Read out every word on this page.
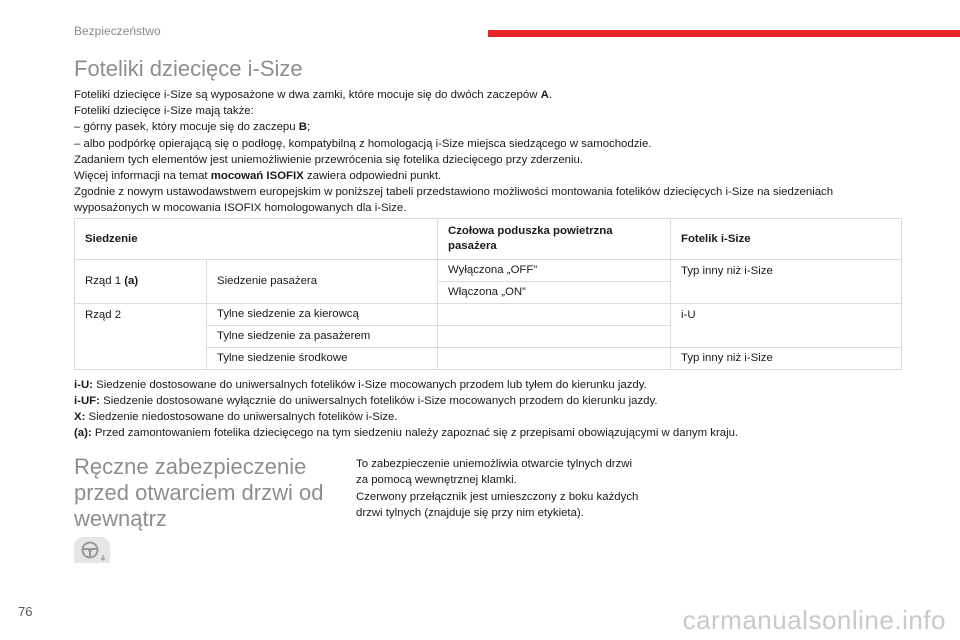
Bezpieczeństwo
Foteliki dziecięce i-Size

Foteliki dziecięce i-Size są wyposażone w dwa zamki, które mocuje się do dwóch zaczepów A.

Foteliki dziecięce i-Size mają także:

– górny pasek, który mocuje się do zaczepu B;

– albo podpórkę opierającą się o podłogę, kompatybilną z homologacją i-Size miejsca siedzącego w samochodzie.

Zadaniem tych elementów jest uniemożliwienie przewrócenia się fotelika dziecięcego przy zderzeniu.

Więcej informacji na temat mocowań ISOFIX zawiera odpowiedni punkt.

Zgodnie z nowym ustawodawstwem europejskim w poniższej tabeli przedstawiono możliwości montowania fotelików dziecięcych i-Size na siedzeniach wyposażonych w mocowania ISOFIX homologowanych dla i-Size.

Siedzenie		Czołowa poduszka powietrzna pasażera	Fotelik i-Size
Rząd 1 (a)	Siedzenie pasażera	Wyłączona „OFF”	Typ inny niż i-Size
		Włączona „ON”	
Rząd 2	Tylne siedzenie za kierowcą		i-U
	Tylne siedzenie za pasażerem		
	Tylne siedzenie środkowe		Typ inny niż i-Size

i-U: Siedzenie dostosowane do uniwersalnych fotelików i-Size mocowanych przodem lub tyłem do kierunku jazdy.

i-UF: Siedzenie dostosowane wyłącznie do uniwersalnych fotelików i-Size mocowanych przodem do kierunku jazdy.

X: Siedzenie niedostosowane do uniwersalnych fotelików i-Size.

(a): Przed zamontowaniem fotelika dziecięcego na tym siedzeniu należy zapoznać się z przepisami obowiązującymi w danym kraju.

Ręczne zabezpieczenie przed otwarciem drzwi od wewnątrz

To zabezpieczenie uniemożliwia otwarcie tylnych drzwi za pomocą wewnętrznej klamki.

Czerwony przełącznik jest umieszczony z boku każdych drzwi tylnych (znajduje się przy nim etykieta).

76	carmanualsonline.info
